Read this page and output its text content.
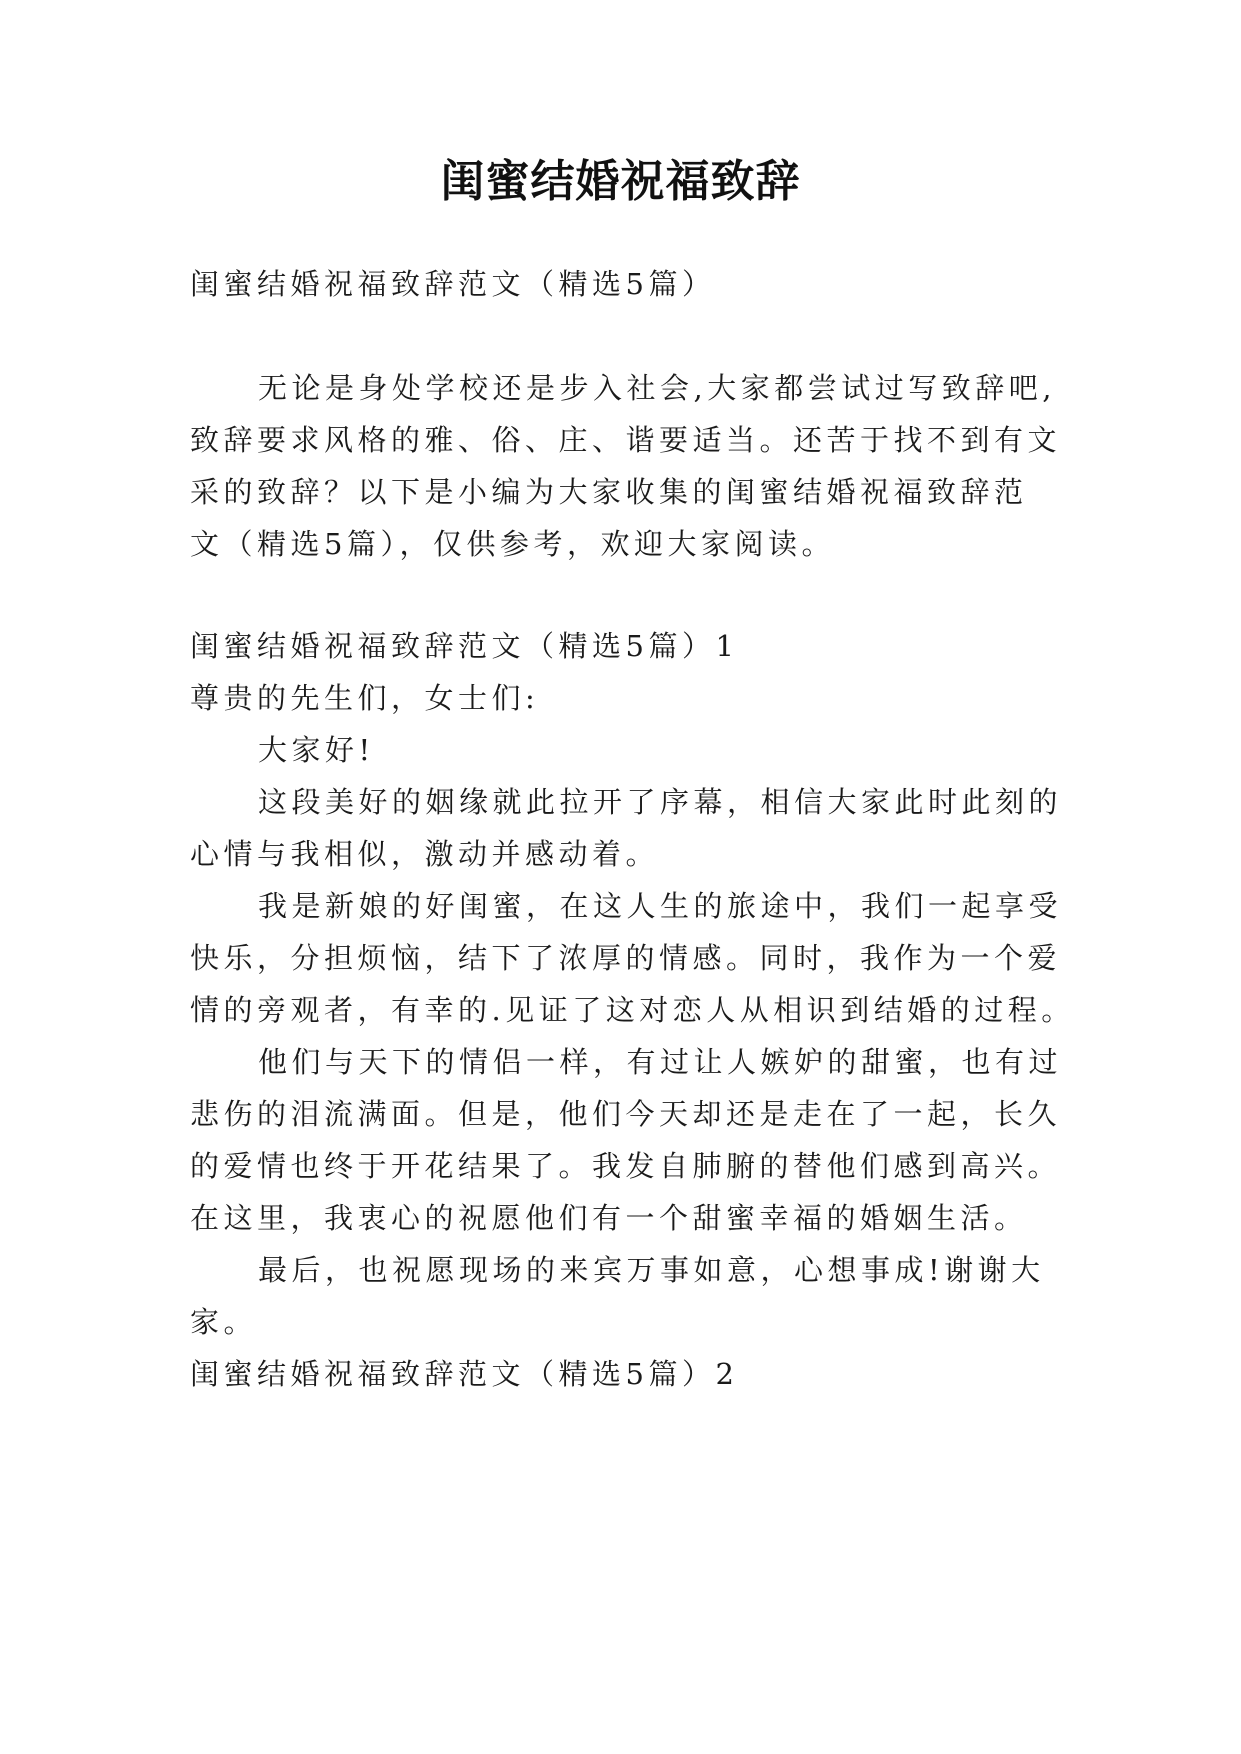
闺蜜结婚祝福致辞
闺蜜结婚祝福致辞范文（精选5篇）
无论是身处学校还是步入社会,大家都尝试过写致辞吧,
致辞要求风格的雅、俗、庄、谐要适当。还苦于找不到有文
采的致辞？以下是小编为大家收集的闺蜜结婚祝福致辞范
文（精选5篇），仅供参考，欢迎大家阅读。
闺蜜结婚祝福致辞范文（精选5篇）1
尊贵的先生们，女士们:
大家好!
这段美好的姻缘就此拉开了序幕，相信大家此时此刻的
心情与我相似，激动并感动着。
我是新娘的好闺蜜，在这人生的旅途中，我们一起享受
快乐，分担烦恼，结下了浓厚的情感。同时，我作为一个爱
情的旁观者，有幸的.见证了这对恋人从相识到结婚的过程。
他们与天下的情侣一样，有过让人嫉妒的甜蜜，也有过
悲伤的泪流满面。但是，他们今天却还是走在了一起，长久
的爱情也终于开花结果了。我发自肺腑的替他们感到高兴。
在这里，我衷心的祝愿他们有一个甜蜜幸福的婚姻生活。
最后，也祝愿现场的来宾万事如意，心想事成!谢谢大
家。
闺蜜结婚祝福致辞范文（精选5篇）2
